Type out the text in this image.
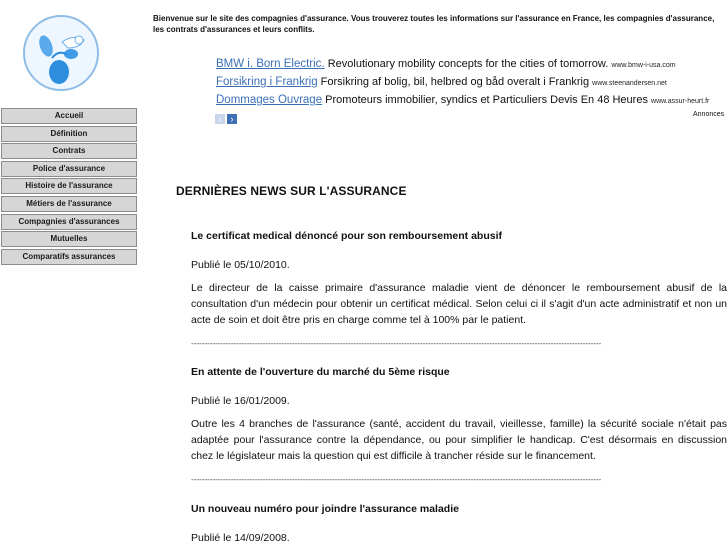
Bienvenue sur le site des compagnies d'assurance. Vous trouverez toutes les informations sur l'assurance en France, les compagnies d'assurance, les contrats d'assurances et leurs conflits.
Accueil
Définition
Contrats
Police d'assurance
Histoire de l'assurance
Métiers de l'assurance
Compagnies d'assurances
Mutuelles
Comparatifs assurances
BMW i. Born Electric. Revolutionary mobility concepts for the cities of tomorrow. www.bmw-i-usa.com
Forsikring i Frankrig Forsikring af bolig, bil, helbred og båd overalt i Frankrig www.steenandersen.net
Dommages Ouvrage Promoteurs immobilier, syndics et Particuliers Devis En 48 Heures www.assur-heurt.fr
‹ ›	Annonces
DERNIÈRES NEWS SUR L'ASSURANCE
Le certificat medical dénoncé pour son remboursement abusif
Publié le 05/10/2010.
Le directeur de la caisse primaire d'assurance maladie vient de dénoncer le remboursement abusif de la consultation d'un médecin pour obtenir un certificat médical. Selon celui ci il s'agit d'un acte administratif et non un acte de soin et doit être pris en charge comme tel à 100% par le patient.
----------------------------------------------------------------------------------------------------------------------------------------------------------
En attente de l'ouverture du marché du 5ème risque
Publié le 16/01/2009.
Outre les 4 branches de l'assurance (santé, accident du travail, vieillesse, famille) la sécurité sociale n'était pas adaptée pour l'assurance contre la dépendance, ou pour simplifier le handicap. C'est désormais en discussion chez le législateur mais la question qui est difficile à trancher réside sur le financement.
----------------------------------------------------------------------------------------------------------------------------------------------------------
Un nouveau numéro pour joindre l'assurance maladie
Publié le 14/09/2008.
